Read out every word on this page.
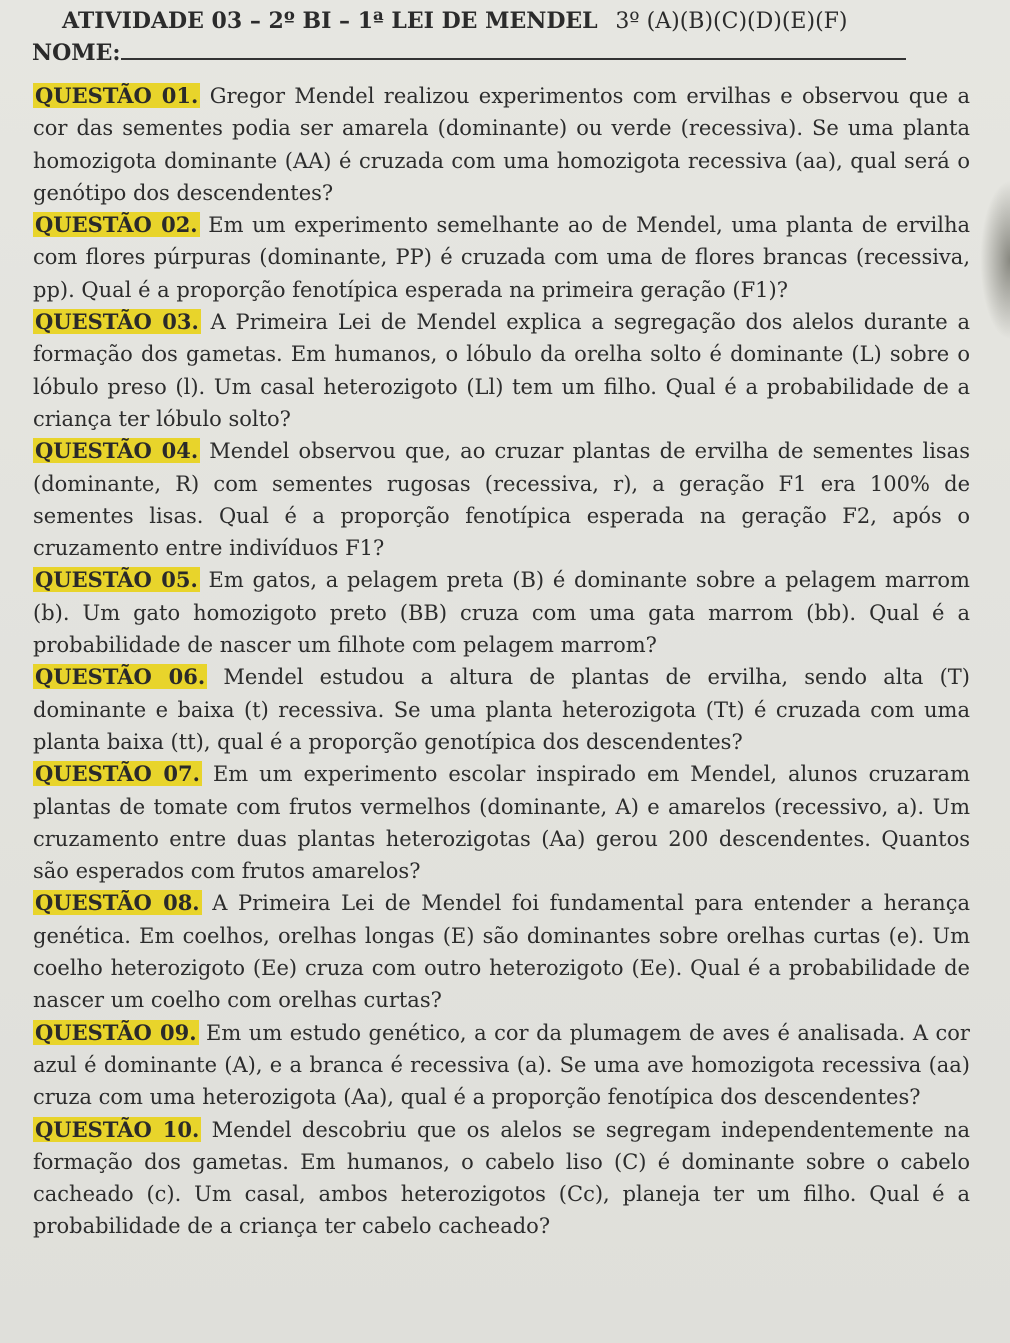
ATIVIDADE 03 – 2º BI – 1ª LEI DE MENDEL 3º (A)(B)(C)(D)(E)(F)
NOME:

QUESTÃO 01. Gregor Mendel realizou experimentos com ervilhas e observou que a cor das sementes podia ser amarela (dominante) ou verde (recessiva). Se uma planta homozigota dominante (AA) é cruzada com uma homozigota recessiva (aa), qual será o genótipo dos descendentes?

QUESTÃO 02. Em um experimento semelhante ao de Mendel, uma planta de ervilha com flores púrpuras (dominante, PP) é cruzada com uma de flores brancas (recessiva, pp). Qual é a proporção fenotípica esperada na primeira geração (F1)?

QUESTÃO 03. A Primeira Lei de Mendel explica a segregação dos alelos durante a formação dos gametas. Em humanos, o lóbulo da orelha solto é dominante (L) sobre o lóbulo preso (l). Um casal heterozigoto (Ll) tem um filho. Qual é a probabilidade de a criança ter lóbulo solto?

QUESTÃO 04. Mendel observou que, ao cruzar plantas de ervilha de sementes lisas (dominante, R) com sementes rugosas (recessiva, r), a geração F1 era 100% de sementes lisas. Qual é a proporção fenotípica esperada na geração F2, após o cruzamento entre indivíduos F1?

QUESTÃO 05. Em gatos, a pelagem preta (B) é dominante sobre a pelagem marrom (b). Um gato homozigoto preto (BB) cruza com uma gata marrom (bb). Qual é a probabilidade de nascer um filhote com pelagem marrom?

QUESTÃO 06. Mendel estudou a altura de plantas de ervilha, sendo alta (T) dominante e baixa (t) recessiva. Se uma planta heterozigota (Tt) é cruzada com uma planta baixa (tt), qual é a proporção genotípica dos descendentes?

QUESTÃO 07. Em um experimento escolar inspirado em Mendel, alunos cruzaram plantas de tomate com frutos vermelhos (dominante, A) e amarelos (recessivo, a). Um cruzamento entre duas plantas heterozigotas (Aa) gerou 200 descendentes. Quantos são esperados com frutos amarelos?

QUESTÃO 08. A Primeira Lei de Mendel foi fundamental para entender a herança genética. Em coelhos, orelhas longas (E) são dominantes sobre orelhas curtas (e). Um coelho heterozigoto (Ee) cruza com outro heterozigoto (Ee). Qual é a probabilidade de nascer um coelho com orelhas curtas?

QUESTÃO 09. Em um estudo genético, a cor da plumagem de aves é analisada. A cor azul é dominante (A), e a branca é recessiva (a). Se uma ave homozigota recessiva (aa) cruza com uma heterozigota (Aa), qual é a proporção fenotípica dos descendentes?

QUESTÃO 10. Mendel descobriu que os alelos se segregam independentemente na formação dos gametas. Em humanos, o cabelo liso (C) é dominante sobre o cabelo cacheado (c). Um casal, ambos heterozigotos (Cc), planeja ter um filho. Qual é a probabilidade de a criança ter cabelo cacheado?
